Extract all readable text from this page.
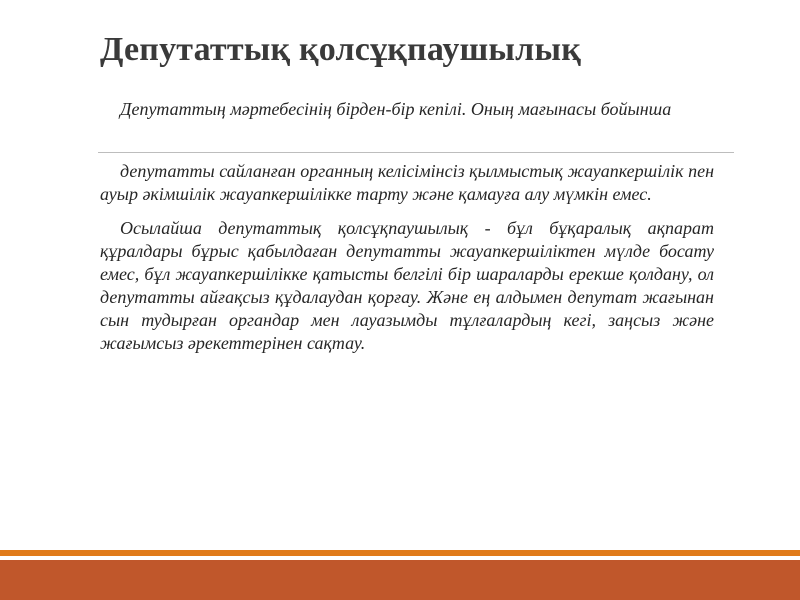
Депутаттық қолсұқпаушылық
Депутаттың мәртебесінің бірден-бір кепілі. Оның мағынасы бойынша

депутатты сайланған органның келісімінсіз қылмыстық жауапкершілік пен ауыр әкімшілік жауапкершілікке тарту және қамауға алу мүмкін емес.

Осылайша депутаттық қолсұқпаушылық - бұл бұқаралық ақпарат құралдары бұрыс қабылдаған депутатты жауапкершіліктен мүлде босату емес, бұл жауапкершілікке қатысты белгілі бір шараларды ерекше қолдану, ол депутатты айғақсыз құдалаудан қорғау. Және ең алдымен депутат жағынан сын тудырған органдар мен лауазымды тұлғалардың кегі, заңсыз және жағымсыз әрекеттерінен сақтау.
